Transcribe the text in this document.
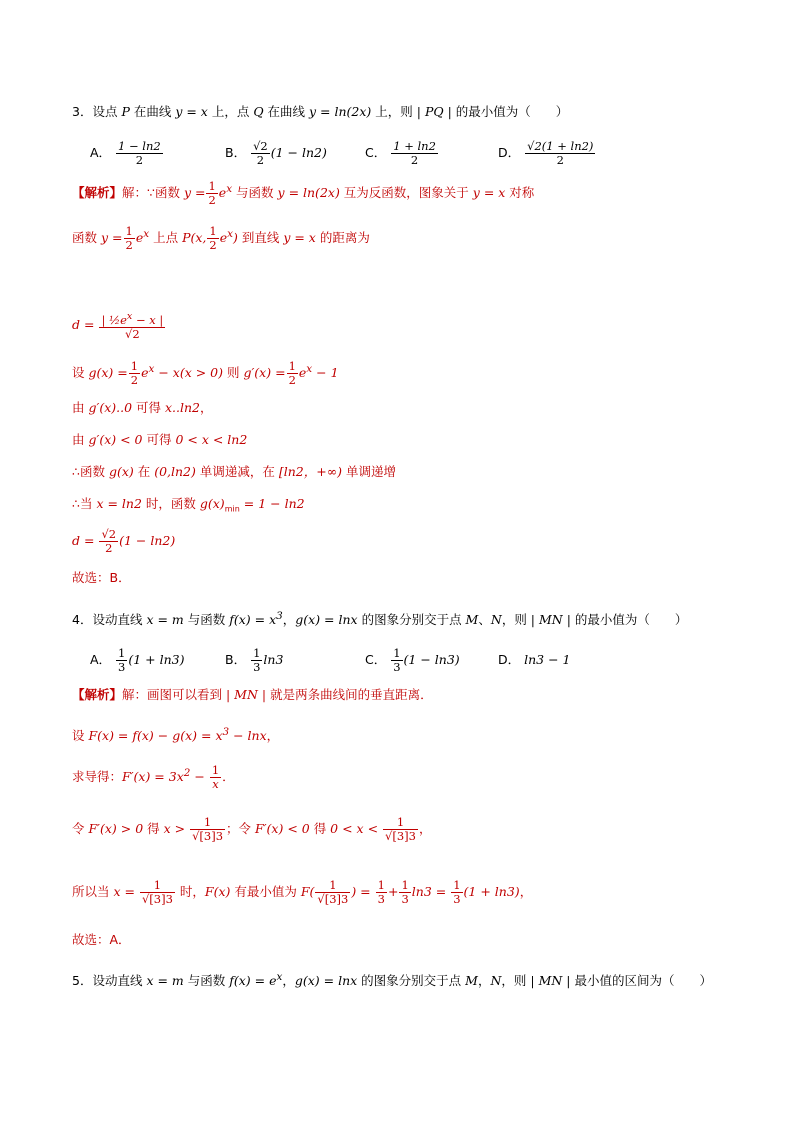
3．设点 P 在曲线 y = x 上，点 Q 在曲线 y = ln(2x) 上，则 | PQ | 的最小值为（　　）
A． $\frac{1 - \ln 2}{2}$	B． $\frac{√2}{2} (1 - \ln 2)$	C． $\frac{1 + \ln 2}{2}$	D． $\frac{√2(1 + \ln 2)}{2}$
【解析】解：∵函数 $y = \frac{1}{2} e^x$ 与函数 y = ln(2x) 互为反函数，图象关于 y = x 对称
函数 $y = \frac{1}{2} e^x$ 上点 P(x, $\frac{1}{2} e^x$) 到直线 y = x 的距离为
$d = \frac{| \frac{1}{2}e^x - x |}{√2}$
设 $g(x) = \frac{1}{2} e^x - x(x > 0)$ 则 $g'(x) = \frac{1}{2} e^x - 1$
由 g′(x)..0 可得 x..ln2，
由 g′(x) < 0 可得 0 < x < ln2
∴函数 g(x) 在 (0,ln2) 单调递减，在 [ln2，+∞) 单调递增
∴当 x = ln2 时，函数 $g(x)_{min} = 1 - \ln 2$
$d = \frac{√2}{2} (1 - \ln 2)$
故选：B．
4．设动直线 x = m 与函数 $f(x) = x^3$，g(x) = lnx 的图象分别交于点 M、N，则 | MN | 的最小值为（　　）
A． $\frac{1}{3} (1 + \ln 3)$	B． $\frac{1}{3} \ln 3$	C． $\frac{1}{3} (1 - \ln 3)$	D． ln3 − 1
【解析】解：画图可以看到 | MN | 就是两条曲线间的垂直距离．
设 $F(x) = f(x) - g(x) = x^3 - \ln x$，
求导得：$F'(x) = 3x^2 - \frac{1}{x}$ ．
令 F′(x) > 0 得 $x > \frac{1}{√[3]3}$ ；令 F′(x) < 0 得 $0 < x < \frac{1}{√[3]3}$ ，
所以当 $x = \frac{1}{√[3]3}$ 时，F(x) 有最小值为 $F( \frac{1}{√[3]3}$ ) = $\frac{1}{3} + \frac{1}{3} \ln 3 = \frac{1}{3} (1 + \ln 3)$，
故选：A．
5．设动直线 x = m 与函数 $f(x) = e^x$，g(x) = lnx 的图象分别交于点 M，N，则 | MN | 最小值的区间为（　　）
